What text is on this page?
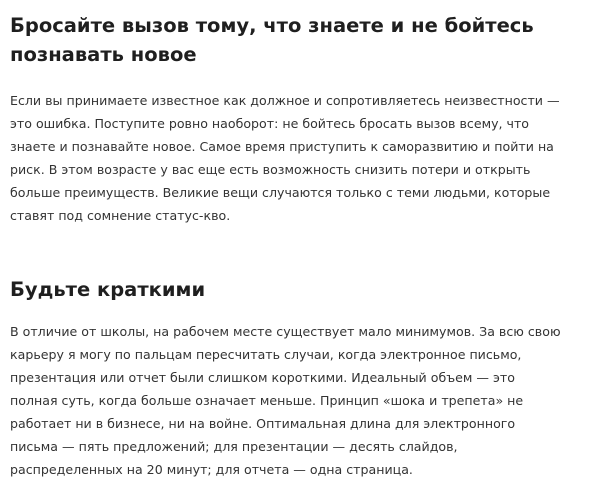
Бросайте вызов тому, что знаете и не бойтесь
познавать новое

Если вы принимаете известное как должное и сопротивляетесь неизвестности —
это ошибка. Поступите ровно наоборот: не бойтесь бросать вызов всему, что
знаете и познавайте новое. Самое время приступить к саморазвитию и пойти на
риск. В этом возрасте у вас еще есть возможность снизить потери и открыть
больше преимуществ. Великие вещи случаются только с теми людьми, которые
ставят под сомнение статус-кво.

Будьте краткими

В отличие от школы, на рабочем месте существует мало минимумов. За всю свою
карьеру я могу по пальцам пересчитать случаи, когда электронное письмо,
презентация или отчет были слишком короткими. Идеальный объем — это
полная суть, когда больше означает меньше. Принцип «шока и трепета» не
работает ни в бизнесе, ни на войне. Оптимальная длина для электронного
письма — пять предложений; для презентации — десять слайдов,
распределенных на 20 минут; для отчета — одна страница.
